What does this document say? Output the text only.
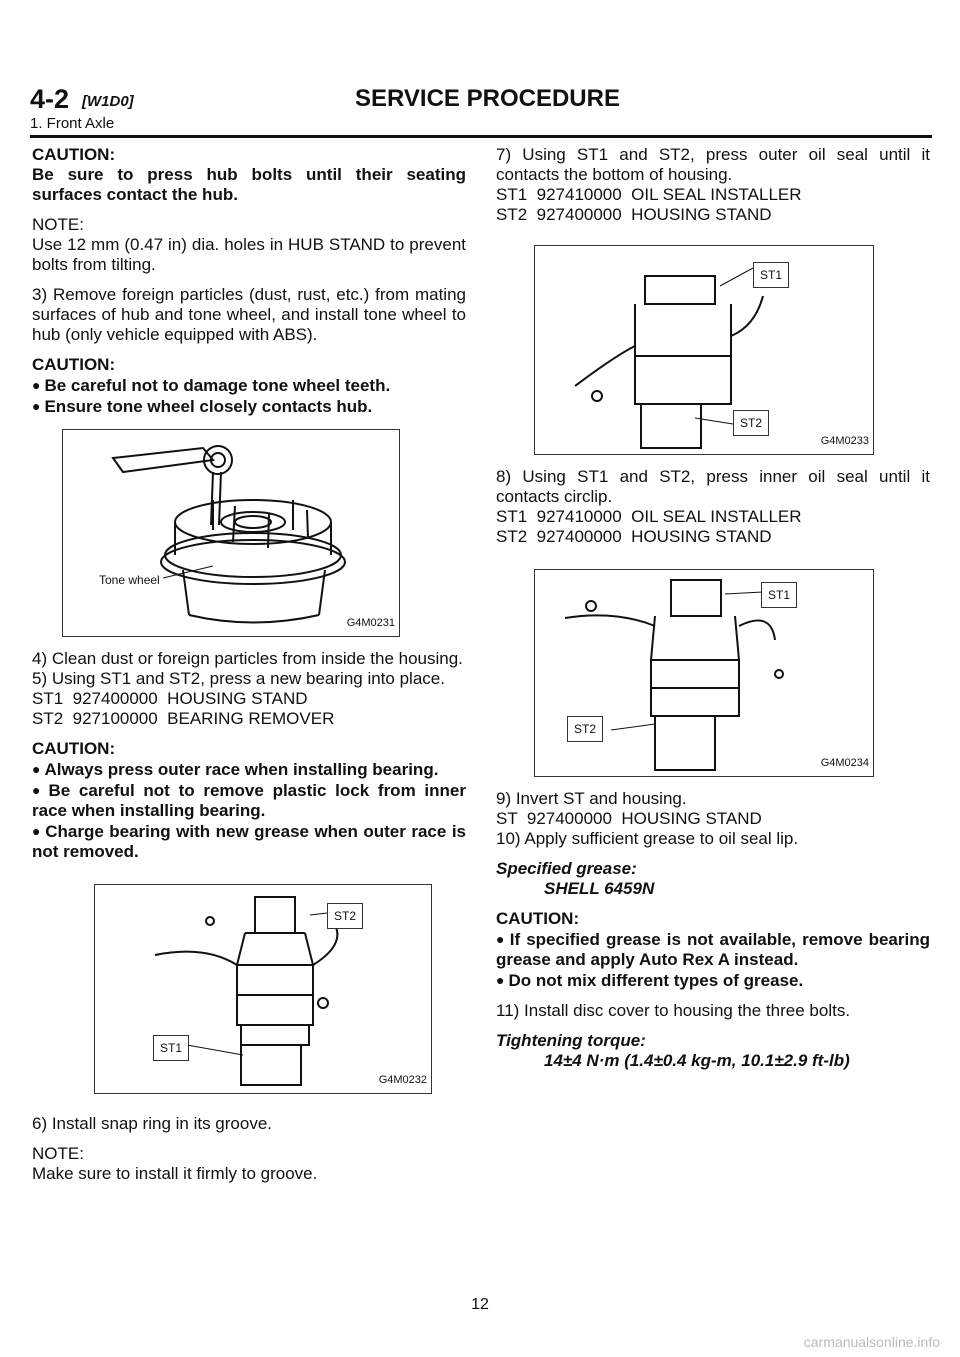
4-2 [W1D0]	SERVICE PROCEDURE
1. Front Axle

CAUTION:

Be sure to press hub bolts until their seating surfaces contact the hub.

NOTE:

Use 12 mm (0.47 in) dia. holes in HUB STAND to prevent bolts from tilting.

3) Remove foreign particles (dust, rust, etc.) from mating surfaces of hub and tone wheel, and install tone wheel to hub (only vehicle equipped with ABS).

CAUTION:

● Be careful not to damage tone wheel teeth.

● Ensure tone wheel closely contacts hub.

Tone wheel
G4M0231

4) Clean dust or foreign particles from inside the housing.

5) Using ST1 and ST2, press a new bearing into place.

ST1  927400000  HOUSING STAND

ST2  927100000  BEARING REMOVER

CAUTION:

● Always press outer race when installing bearing.

● Be careful not to remove plastic lock from inner race when installing bearing.

● Charge bearing with new grease when outer race is not removed.

ST2
ST1
G4M0232

6) Install snap ring in its groove.

NOTE:

Make sure to install it firmly to groove.

7) Using ST1 and ST2, press outer oil seal until it contacts the bottom of housing.

ST1  927410000  OIL SEAL INSTALLER

ST2  927400000  HOUSING STAND

ST1
ST2
G4M0233

8) Using ST1 and ST2, press inner oil seal until it contacts circlip.

ST1  927410000  OIL SEAL INSTALLER

ST2  927400000  HOUSING STAND

ST1
ST2
G4M0234

9) Invert ST and housing.

ST  927400000  HOUSING STAND

10) Apply sufficient grease to oil seal lip.

Specified grease:

SHELL 6459N

CAUTION:

● If specified grease is not available, remove bearing grease and apply Auto Rex A instead.

● Do not mix different types of grease.

11) Install disc cover to housing the three bolts.

Tightening torque:

14±4 N·m (1.4±0.4 kg-m, 10.1±2.9 ft-lb)

12
carmanualsonline.info
